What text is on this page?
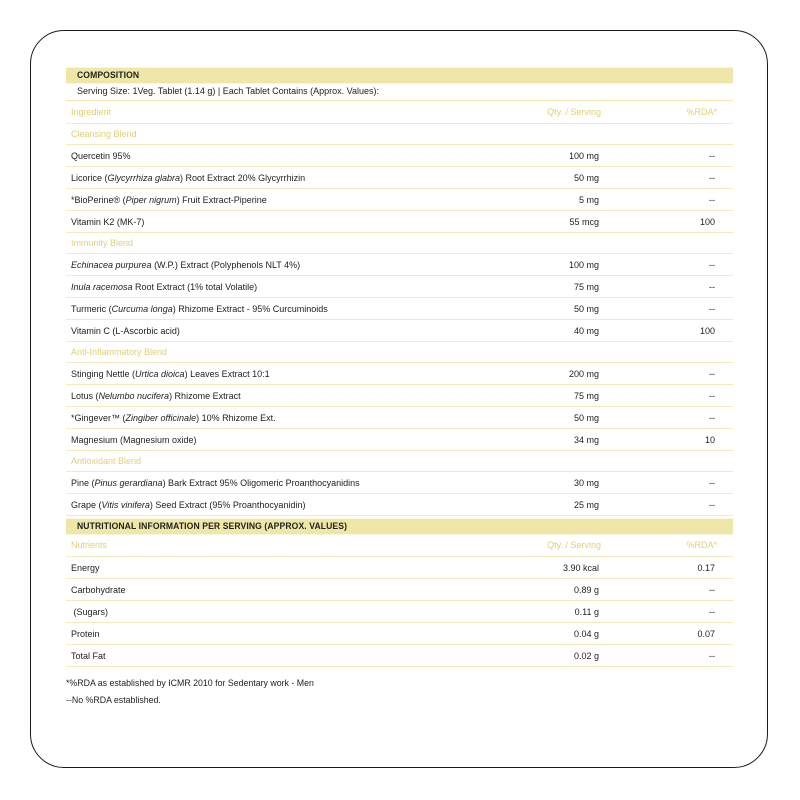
COMPOSITION
Serving Size: 1Veg. Tablet (1.14 g) | Each Tablet Contains (Approx. Values):
Ingredient	Qty. / Serving	%RDA*
Cleansing Blend
Quercetin 95%	100 mg	--
Licorice (Glycyrrhiza glabra) Root Extract 20% Glycyrrhizin	50 mg	--
*BioPerine® (Piper nigrum) Fruit Extract-Piperine	5 mg	--
Vitamin K2 (MK-7)	55 mcg	100
Immunity Blend
Echinacea purpurea (W.P.) Extract (Polyphenols NLT 4%)	100 mg	--
Inula racemosa Root Extract (1% total Volatile)	75 mg	--
Turmeric (Curcuma longa) Rhizome Extract - 95% Curcuminoids	50 mg	--
Vitamin C (L-Ascorbic acid)	40 mg	100
Anti-Inflammatory Blend
Stinging Nettle (Urtica dioica) Leaves Extract 10:1	200 mg	--
Lotus (Nelumbo nucifera) Rhizome Extract	75 mg	--
*Gingever™ (Zingiber officinale) 10% Rhizome Ext.	50 mg	--
Magnesium (Magnesium oxide)	34 mg	10
Antioxidant Blend
Pine (Pinus gerardiana) Bark Extract 95% Oligomeric Proanthocyanidins	30 mg	--
Grape (Vitis vinifera) Seed Extract (95% Proanthocyanidin)	25 mg	--
NUTRITIONAL INFORMATION PER SERVING (APPROX. VALUES)
Nutrients	Qty. / Serving	%RDA*
Energy	3.90 kcal	0.17
Carbohydrate	0.89 g	--
(Sugars)	0.11 g	--
Protein	0.04 g	0.07
Total Fat	0.02 g	--
*%RDA as established by ICMR 2010 for Sedentary work - Men
--No %RDA established.
